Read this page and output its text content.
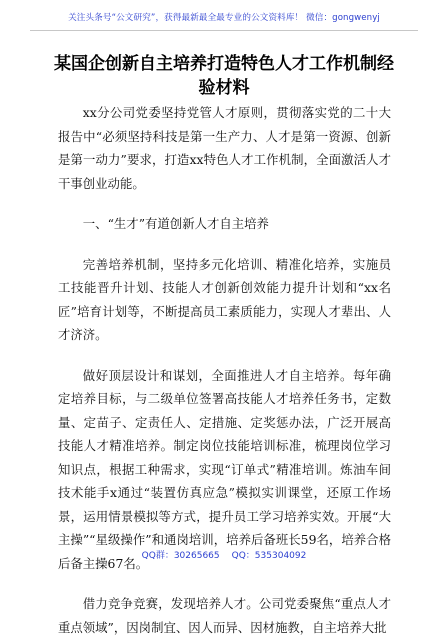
关注头条号“公文研究”，获得最新最全最专业的公文资料库！ 微信：gongwenyj
某国企创新自主培养打造特色人才工作机制经验材料

xx分公司党委坚持党管人才原则，贯彻落实党的二十大报告中“必须坚持科技是第一生产力、人才是第一资源、创新是第一动力”要求，打造xx特色人才工作机制，全面激活人才干事创业动能。

一、“生才”有道创新人才自主培养

完善培养机制，坚持多元化培训、精准化培养，实施员工技能晋升计划、技能人才创新创效能力提升计划和“xx名匠”培育计划等，不断提高员工素质能力，实现人才辈出、人才济济。

做好顶层设计和谋划，全面推进人才自主培养。每年确定培养目标，与二级单位签署高技能人才培养任务书，定数量、定苗子、定责任人、定措施、定奖惩办法，广泛开展高技能人才精准培养。制定岗位技能培训标准，梳理岗位学习知识点，根据工种需求，实现“订单式”精准培训。炼油车间技术能手x通过“装置仿真应急”模拟实训课堂，还原工作场景，运用情景模拟等方式，提升员工学习培养实效。开展“大主操”“星级操作”和通岗培训，培养后备班长59名，培养合格后备主操67名。

借力竞争竞赛，发现培养人才。公司党委聚焦“重点人才重点领域”，因岗制宜、因人而异、因材施教，自主培养大批

QQ群：30265665 QQ：535304092
